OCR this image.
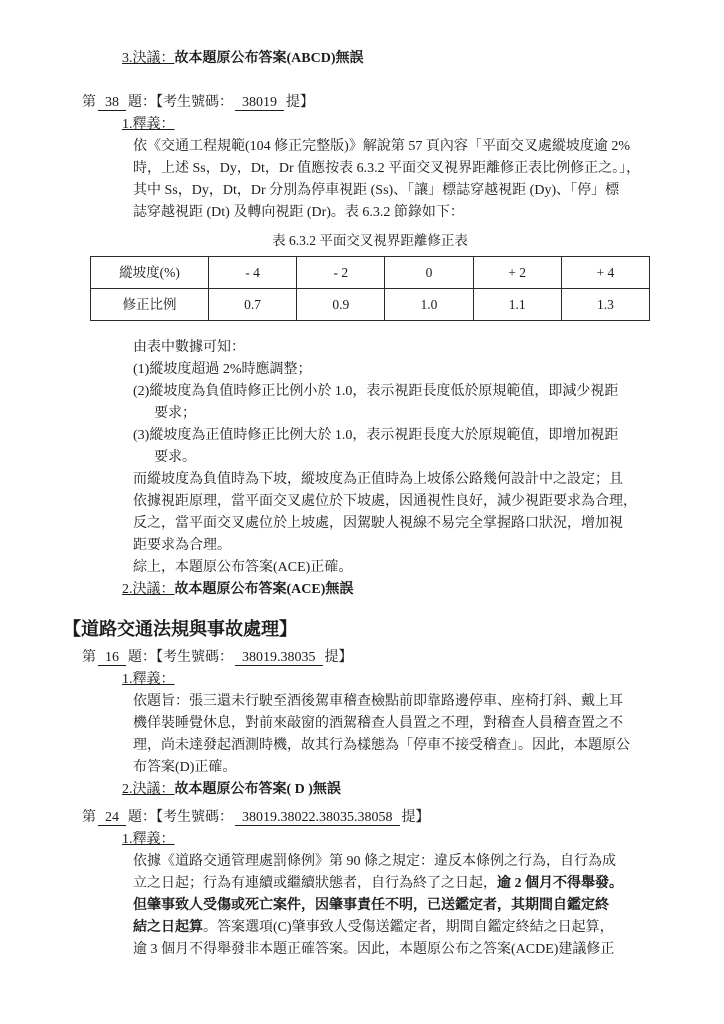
3.決議：故本題原公布答案(ABCD)無誤
第 38 題：【考生號碼： 38019 提】
1.釋義：
依《交通工程規範(104 修正完整版)》解說第 57 頁內容「平面交叉處縱坡度逾 2%
時，上述 Ss，Dy，Dt，Dr 值應按表 6.3.2 平面交叉視界距離修正表比例修正之。」，
其中 Ss，Dy，Dt，Dr 分別為停車視距 (Ss)、「讓」標誌穿越視距 (Dy)、「停」標
誌穿越視距 (Dt) 及轉向視距 (Dr)。表 6.3.2 節錄如下：
表 6.3.2 平面交叉視界距離修正表
縱坡度(%)	- 4	- 2	0	+ 2	+ 4
修正比例	0.7	0.9	1.0	1.1	1.3
由表中數據可知：
(1)縱坡度超過 2%時應調整；
(2)縱坡度為負值時修正比例小於 1.0，表示視距長度低於原規範值，即減少視距
要求；
(3)縱坡度為正值時修正比例大於 1.0，表示視距長度大於原規範值，即增加視距
要求。
而縱坡度為負值時為下坡，縱坡度為正值時為上坡係公路幾何設計中之設定；且
依據視距原理，當平面交叉處位於下坡處，因通視性良好，減少視距要求為合理，
反之，當平面交叉處位於上坡處，因駕駛人視線不易完全掌握路口狀況，增加視
距要求為合理。
綜上，本題原公布答案(ACE)正確。
2.決議：故本題原公布答案(ACE)無誤
【道路交通法規與事故處理】
第 16 題：【考生號碼： 38019.38035 提】
1.釋義：
依題旨：張三還未行駛至酒後駕車稽查檢點前即靠路邊停車、座椅打斜、戴上耳
機佯裝睡覺休息，對前來敲窗的酒駕稽查人員置之不理，對稽查人員稽查置之不
理，尚未達發起酒測時機，故其行為樣態為「停車不接受稽查」。因此，本題原公
布答案(D)正確。
2.決議：故本題原公布答案( D )無誤
第 24 題：【考生號碼： 38019.38022.38035.38058 提】
1.釋義：
依據《道路交通管理處罰條例》第 90 條之規定：違反本條例之行為，自行為成
立之日起；行為有連續或繼續狀態者，自行為終了之日起，逾 2 個月不得舉發。
但肇事致人受傷或死亡案件，因肇事責任不明，已送鑑定者，其期間自鑑定終
結之日起算。答案選項(C)肇事致人受傷送鑑定者，期間自鑑定終結之日起算，
逾 3 個月不得舉發非本題正確答案。因此，本題原公布之答案(ACDE)建議修正
